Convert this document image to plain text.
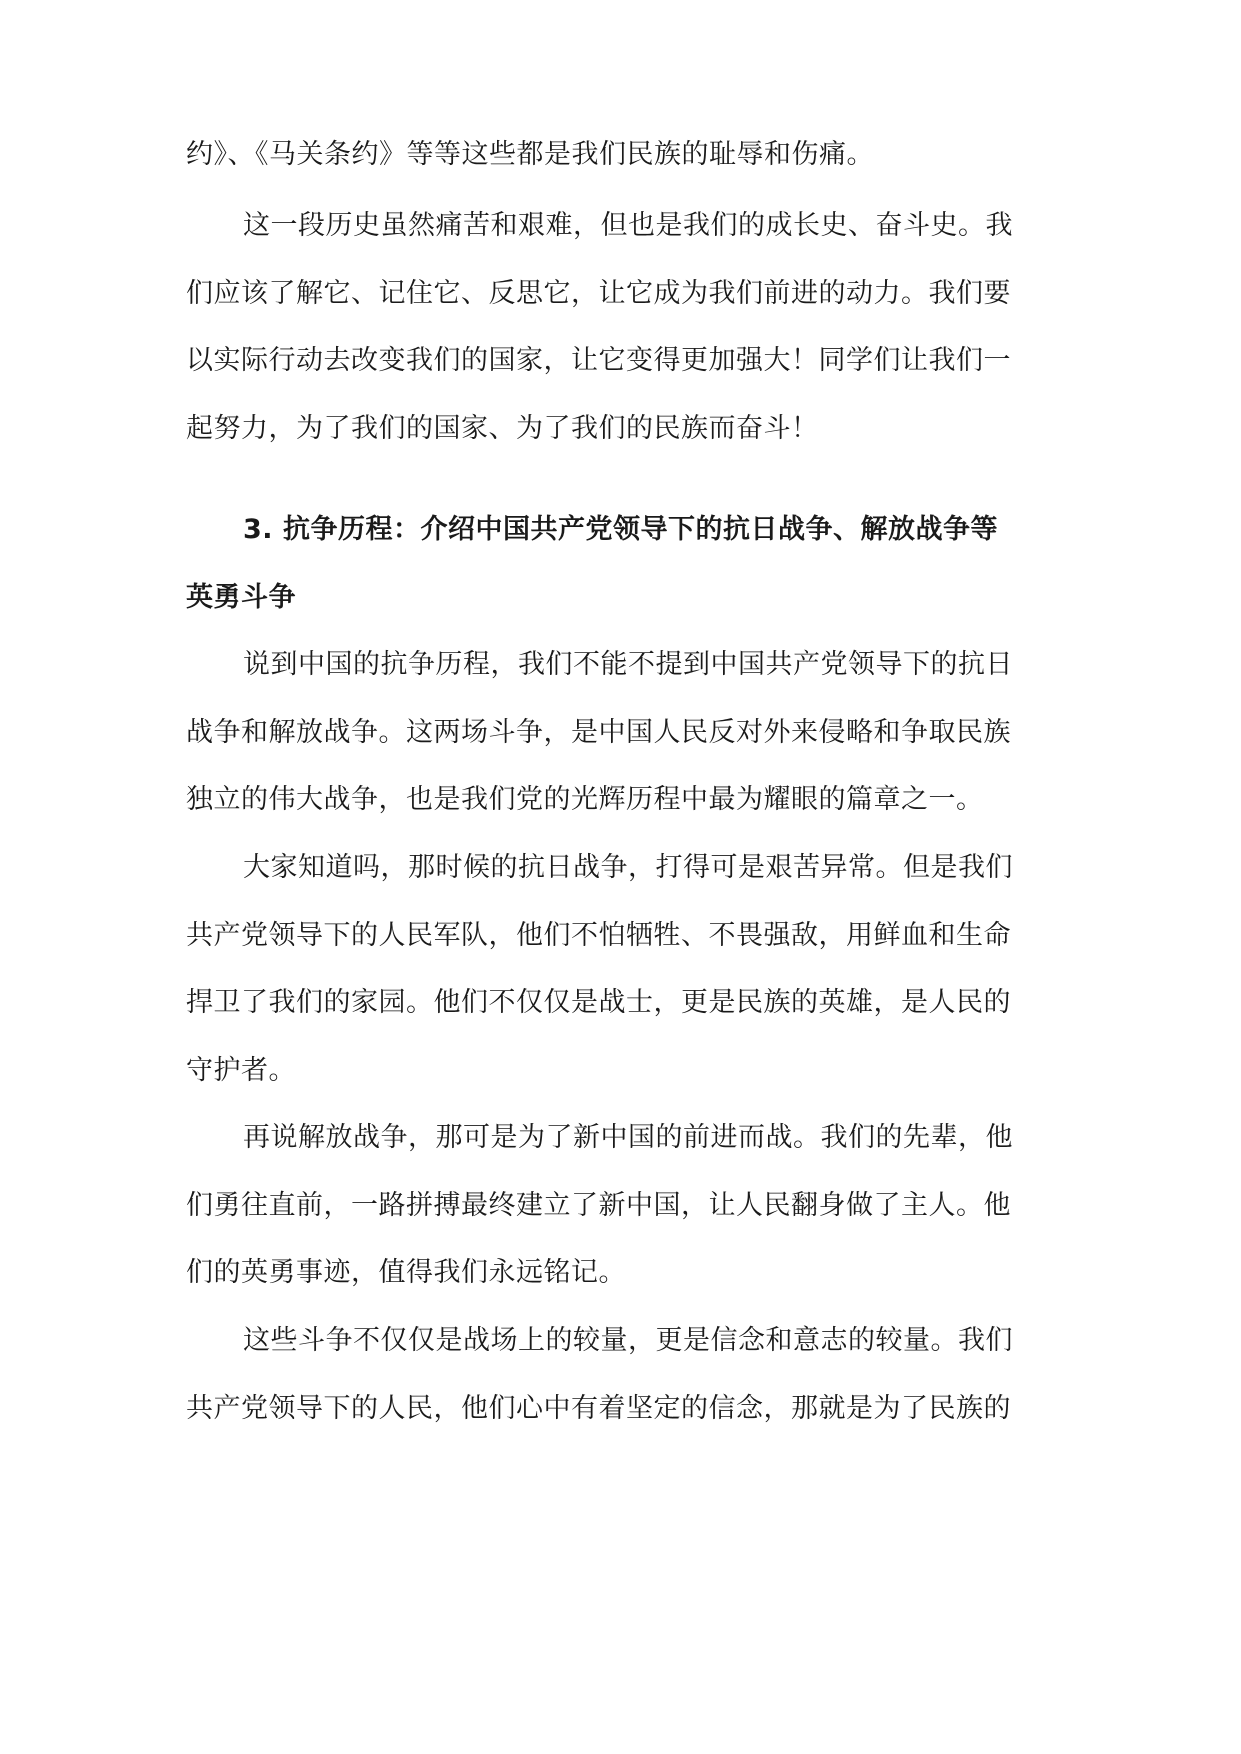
约》、《马关条约》等等这些都是我们民族的耻辱和伤痛。
这一段历史虽然痛苦和艰难，但也是我们的成长史、奋斗史。我
们应该了解它、记住它、反思它，让它成为我们前进的动力。我们要
以实际行动去改变我们的国家，让它变得更加强大！同学们让我们一
起努力，为了我们的国家、为了我们的民族而奋斗！
3. 抗争历程：介绍中国共产党领导下的抗日战争、解放战争等
英勇斗争
说到中国的抗争历程，我们不能不提到中国共产党领导下的抗日
战争和解放战争。这两场斗争，是中国人民反对外来侵略和争取民族
独立的伟大战争，也是我们党的光辉历程中最为耀眼的篇章之一。
大家知道吗，那时候的抗日战争，打得可是艰苦异常。但是我们
共产党领导下的人民军队，他们不怕牺牲、不畏强敌，用鲜血和生命
捍卫了我们的家园。他们不仅仅是战士，更是民族的英雄，是人民的
守护者。
再说解放战争，那可是为了新中国的前进而战。我们的先辈，他
们勇往直前，一路拼搏最终建立了新中国，让人民翻身做了主人。他
们的英勇事迹，值得我们永远铭记。
这些斗争不仅仅是战场上的较量，更是信念和意志的较量。我们
共产党领导下的人民，他们心中有着坚定的信念，那就是为了民族的
